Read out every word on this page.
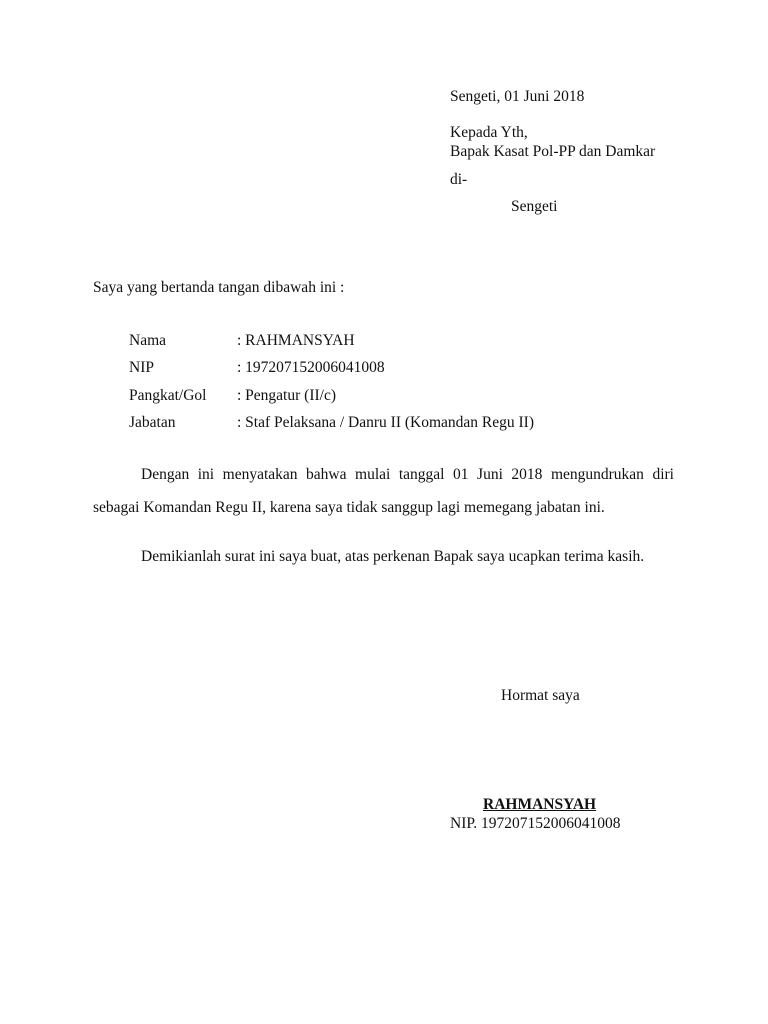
Sengeti, 01 Juni 2018
Kepada Yth,
Bapak Kasat Pol-PP dan Damkar
di-
Sengeti
Saya yang bertanda tangan dibawah ini :
Nama	: RAHMANSYAH
NIP	: 197207152006041008
Pangkat/Gol : Pengatur (II/c)
Jabatan	: Staf Pelaksana / Danru II (Komandan Regu II)

Dengan ini menyatakan bahwa mulai tanggal 01 Juni 2018 mengundrukan diri sebagai Komandan Regu II, karena saya tidak sanggup lagi memegang jabatan ini.

Demikianlah surat ini saya buat, atas perkenan Bapak saya ucapkan terima kasih.

Hormat saya
RAHMANSYAH
NIP. 197207152006041008
